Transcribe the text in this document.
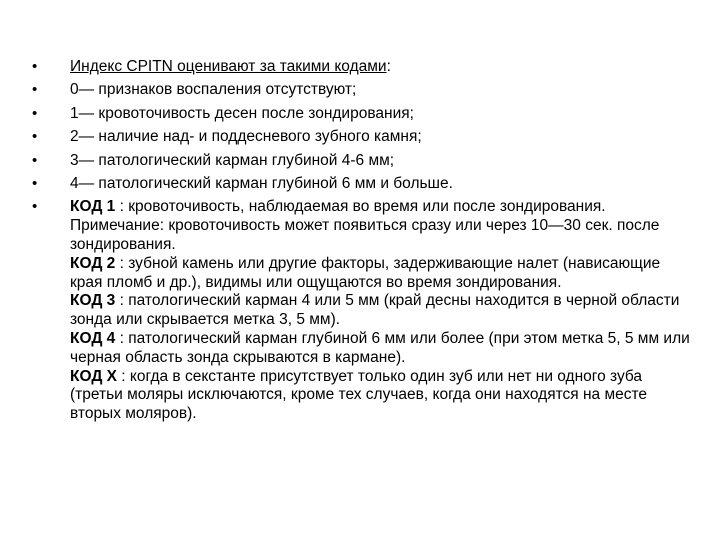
• Индекс CPITN оценивают за такими кодами:
• 0— признаков воспаления отсутствуют;
• 1— кровоточивость десен после зондирования;
• 2— наличие над- и поддесневого зубного камня;
• 3— патологический карман глубиной 4-6 мм;
• 4— патологический карман глубиной 6 мм и больше.
• КОД 1 : кровоточивость, наблюдаемая во время или после зондирования.
Примечание: кровоточивость может появиться сразу или через 10—30 сек. после зондирования.
КОД 2 : зубной камень или другие факторы, задерживающие налет (нависающие края пломб и др.), видимы или ощущаются во время зондирования.
КОД 3 : патологический карман 4 или 5 мм (край десны находится в черной области зонда или скрывается метка 3, 5 мм).
КОД 4 : патологический карман глубиной 6 мм или более (при этом метка 5, 5 мм или черная область зонда скрываются в кармане).
КОД Х : когда в секстанте присутствует только один зуб или нет ни одного зуба (третьи моляры исключаются, кроме тех случаев, когда они находятся на месте вторых моляров).
